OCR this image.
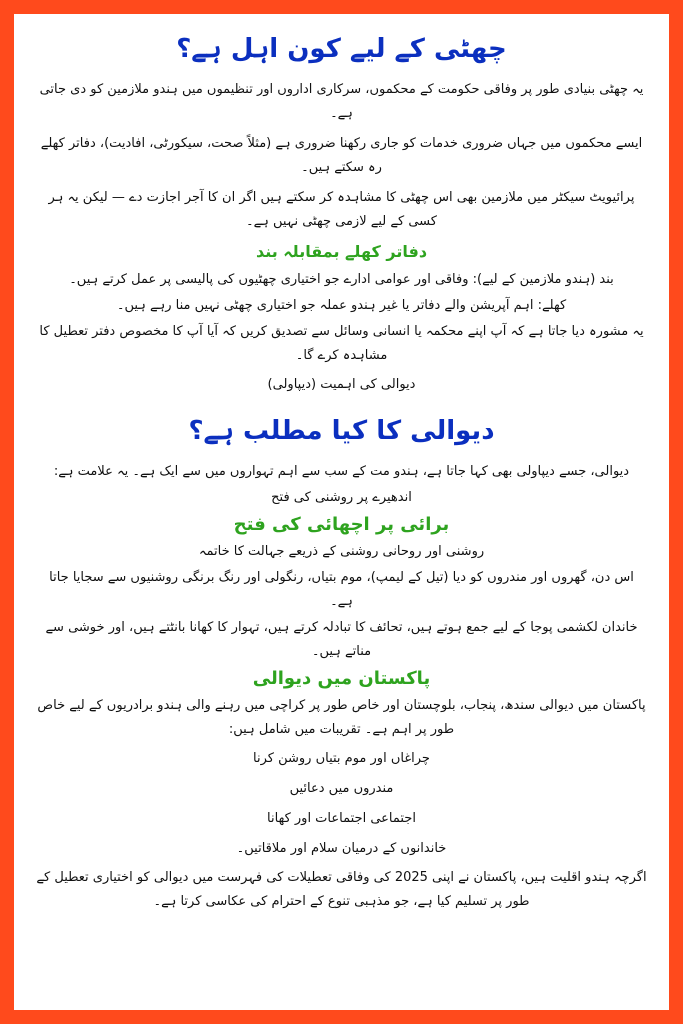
چھٹی کے لیے کون اہل ہے؟

یہ چھٹی بنیادی طور پر وفاقی حکومت کے محکموں، سرکاری اداروں اور تنظیموں میں ہندو ملازمین کو دی جاتی ہے۔

ایسے محکموں میں جہاں ضروری خدمات کو جاری رکھنا ضروری ہے (مثلاً صحت، سیکورٹی، افادیت)، دفاتر کھلے رہ سکتے ہیں۔

پرائیویٹ سیکٹر میں ملازمین بھی اس چھٹی کا مشاہدہ کر سکتے ہیں اگر ان کا آجر اجازت دے — لیکن یہ ہر کسی کے لیے لازمی چھٹی نہیں ہے۔

دفاتر کھلے بمقابلہ بند

بند (ہندو ملازمین کے لیے): وفاقی اور عوامی ادارے جو اختیاری چھٹیوں کی پالیسی پر عمل کرتے ہیں۔

کھلے: اہم آپریشن والے دفاتر یا غیر ہندو عملہ جو اختیاری چھٹی نہیں منا رہے ہیں۔

یہ مشورہ دیا جاتا ہے کہ آپ اپنے محکمہ یا انسانی وسائل سے تصدیق کریں کہ آیا آپ کا مخصوص دفتر تعطیل کا مشاہدہ کرے گا۔

دیوالی کی اہمیت (دیپاولی)

دیوالی کا کیا مطلب ہے؟

دیوالی، جسے دیپاولی بھی کہا جاتا ہے، ہندو مت کے سب سے اہم تہواروں میں سے ایک ہے۔ یہ علامت ہے:

اندھیرے پر روشنی کی فتح

برائی پر اچھائی کی فتح

روشنی اور روحانی روشنی کے ذریعے جہالت کا خاتمہ

اس دن، گھروں اور مندروں کو دیا (تیل کے لیمپ)، موم بتیاں، رنگولی اور رنگ برنگی روشنیوں سے سجایا جاتا ہے۔

خاندان لکشمی پوجا کے لیے جمع ہوتے ہیں، تحائف کا تبادلہ کرتے ہیں، تہوار کا کھانا بانٹتے ہیں، اور خوشی سے مناتے ہیں۔

پاکستان میں دیوالی

پاکستان میں دیوالی سندھ، پنجاب، بلوچستان اور خاص طور پر کراچی میں رہنے والی ہندو برادریوں کے لیے خاص طور پر اہم ہے۔ تقریبات میں شامل ہیں:

چراغاں اور موم بتیاں روشن کرنا
مندروں میں دعائیں
اجتماعی اجتماعات اور کھانا
خاندانوں کے درمیان سلام اور ملاقاتیں۔

اگرچہ ہندو اقلیت ہیں، پاکستان نے اپنی 2025 کی وفاقی تعطیلات کی فہرست میں دیوالی کو اختیاری تعطیل کے طور پر تسلیم کیا ہے، جو مذہبی تنوع کے احترام کی عکاسی کرتا ہے۔
